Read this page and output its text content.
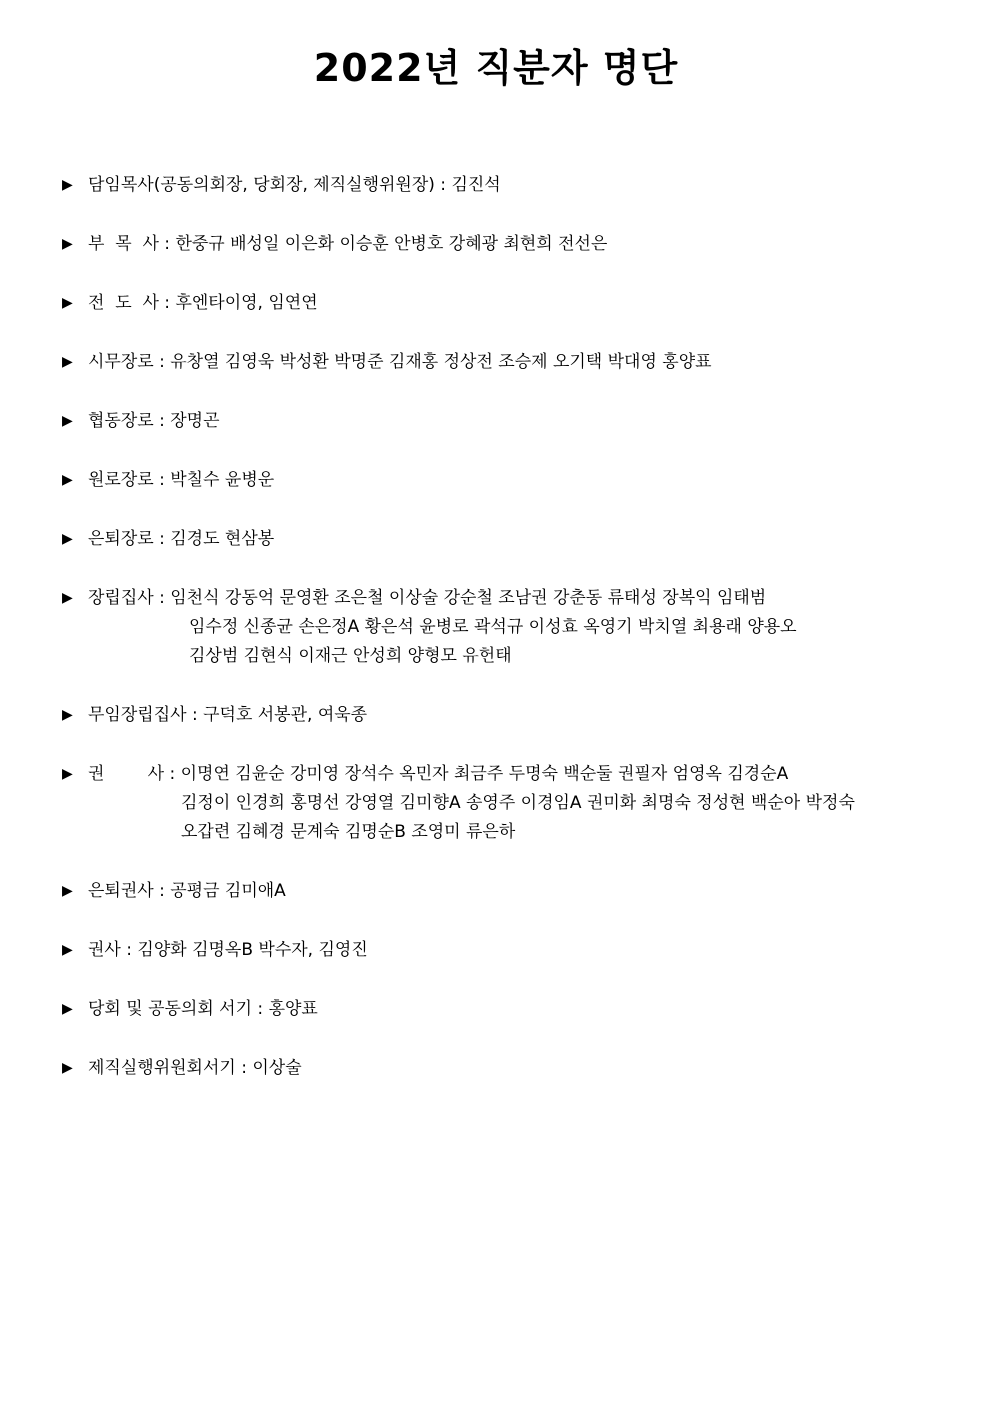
2022년 직분자 명단
▶ 담임목사(공동의회장, 당회장, 제직실행위원장) : 김진석
▶ 부  목  사 : 한중규 배성일 이은화 이승훈 안병호 강혜광 최현희 전선은
▶ 전  도  사 : 후엔타이영, 임연연
▶ 시무장로 : 유창열 김영욱 박성환 박명준 김재홍 정상전 조승제 오기택 박대영 홍양표
▶ 협동장로 : 장명곤
▶ 원로장로 : 박칠수 윤병운
▶ 은퇴장로 : 김경도 현삼봉
▶ 장립집사 : 임천식 강동억 문영환 조은철 이상술 강순철 조남권 강춘동 류태성 장복익 임태범
임수정 신종균 손은정A 황은석 윤병로 곽석규 이성효 옥영기 박치열 최용래 양용오
김상범 김현식 이재근 안성희 양형모 유헌태
▶ 무임장립집사 : 구덕호 서봉관, 여욱종
▶ 권        사 : 이명연 김윤순 강미영 장석수 옥민자 최금주 두명숙 백순둘 권필자 엄영옥 김경순A
김정이 인경희 홍명선 강영열 김미향A 송영주 이경임A 권미화 최명숙 정성현 백순아 박정숙
오갑련 김혜경 문계숙 김명순B 조영미 류은하
▶ 은퇴권사 : 공평금 김미애A
▶ 권사 : 김양화 김명옥B 박수자, 김영진
▶ 당회 및 공동의회 서기 : 홍양표
▶ 제직실행위원회서기 : 이상술
